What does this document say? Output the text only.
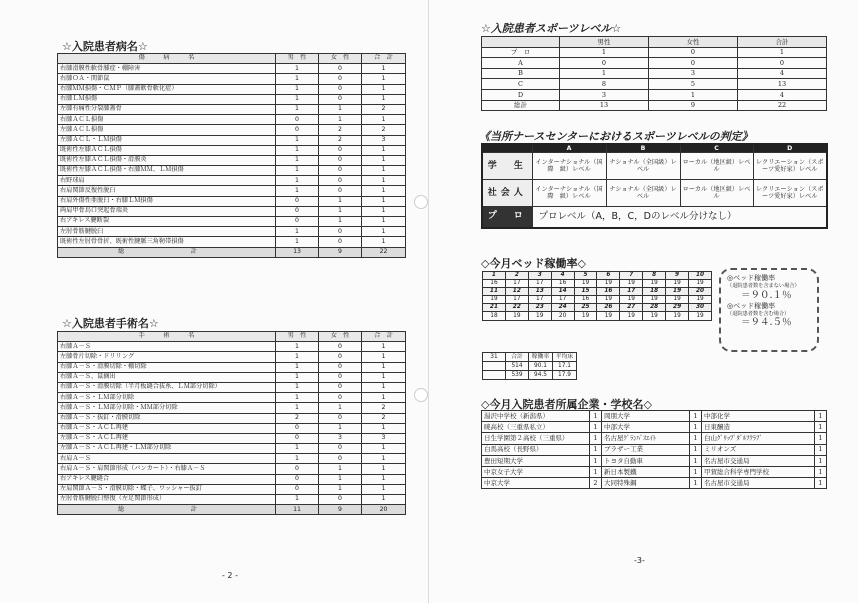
☆入院患者病名☆
傷　　　病　　　名	男　性	女　性	合　計
右膝滑膜性軟骨腫症・棚障害	1	0	1
右膝ＯＡ・関節鼠	1	0	1
右膝ＭＭ損傷・ＣＭＰ（膝蓋軟骨軟化症）	1	0	1
右膝ＬＭ損傷	1	0	1
左膝有痛性分裂膝蓋骨	1	1	2
右膝ＡＣＬ損傷	0	1	1
左膝ＡＣＬ損傷	0	2	2
左膝ＡＣＬ・ＬＭ損傷	1	2	3
既術性左膝ＡＣＬ損傷	1	0	1
既術性左膝ＡＣＬ損傷・滑膜炎	1	0	1
既術性左膝ＡＣＬ損傷・右膝ＭＭ、ＬＭ損傷	1	0	1
右野球肩	1	0	1
右肩関節反復性脱臼	1	0	1
右肩外傷性亜脱臼・右膝ＬＭ損傷	0	1	1
両肩甲骨烏口突起骨端炎	0	1	1
右アキレス腱断裂	0	1	1
左肘骨筋腱脱臼	1	0	1
既術性左肘骨骨折、既術性腱脈三角靭帯損傷	1	0	1
総　　計	13	9	22
☆入院患者手術名☆
手　　　術　　　名	男　性	女　性	合　計
右膝Ａ－Ｓ	1	0	1
左膝骨片切除・ドリリング	1	0	1
右膝Ａ－Ｓ・滑膜切除・棚切除	1	0	1
右膝Ａ－Ｓ、鼠摘出	1	0	1
右膝Ａ－Ｓ・滑膜切除（半月板縫合抜糸、ＬＭ部分切除）	1	0	1
右膝Ａ－Ｓ・ＬＭ部分切除	1	0	1
右膝Ａ－Ｓ・ＬＭ部分切除・ＭＭ部分切除	1	1	2
右膝Ａ－Ｓ・抜釘・滑膜切除	2	0	2
右膝Ａ－Ｓ・ＡＣＬ再建	0	1	1
左膝Ａ－Ｓ・ＡＣＬ再建	0	3	3
左膝Ａ－Ｓ・ＡＣＬ再建・ＬＭ部分切除	1	0	1
右肩Ａ－Ｓ	1	0	1
右肩Ａ－Ｓ・肩関節形成（バンカート）・右膝Ａ－Ｓ	0	1	1
右アキレス腱縫合	0	1	1
左肩関節Ａ－Ｓ・滑膜切除・蝶子、ワッシャー抜釘	0	1	1
左肘骨筋腱脱臼整復（左足関節形成）	1	0	1
総　　計	11	9	20
- 2 -
☆入院患者スポーツレベル☆
	男性	女性	合計
プ　ロ	1	0	1
A	0	0	0
B	1	3	4
C	8	5	13
D	3	1	4
総計	13	9	22
《当所ナースセンターにおけるスポーツレベルの判定》
	A	B	C	D
学　生	インターナショナル（国　際　級）レベル	ナショナル（全国級）レベル	ローカル（地区級）レベル	レクリエーション（スポーツ愛好家）レベル
社会人	インターナショナル（国　際　級）レベル	ナショナル（全国級）レベル	ローカル（地区級）レベル	レクリエーション（スポーツ愛好家）レベル
プ　ロ	プロレベル（A，B，C，Dのレベル分けなし）			
◇今月ベッド稼働率◇
1	2	3	4	5	6	7	8	9	10
16	17	17	16	19	19	19	19	19	19
11	12	13	14	15	16	17	18	19	20
19	17	17	17	16	19	19	19	19	19
21	22	23	24	25	26	27	28	29	30
18	19	19	20	19	19	19	19	19	19
31	合計	稼働率	平均床
	514	90.1	17.1
	539	94.5	17.9
◎ベッド稼働率
（退院患者数を含まない場合）
＝９０.１％
◎ベッド稼働率
（退院患者数を含む場合）
＝９４.５％
◇今月入院患者所属企業・学校名◇
湯沢中学校（新潟県）	1	岡朋大学	1	中部化学	1
暁高校（三重県私立）	1	中部大学	1	日東醸造	1
日生学園第２高校（三重県）	1	名古屋ｸﾞﾗﾝﾊﾟｽｴｲﾄ	1	白山ｸﾞﾘｯﾌﾟﾀﾞﾙﾌｸﾗﾌﾞ	1
白馬高校（長野県）	1	ブラザー工業	1	ミリオンズ	1
豊田短期大学	1	トヨタ自動車	1	名古屋市交通局	1
中京女子大学	1	新日本製鐵	1	甲賀総合科学専門学校	1
中京大学	2	大同特殊鋼	1	名古屋市交通局	1
-3-
